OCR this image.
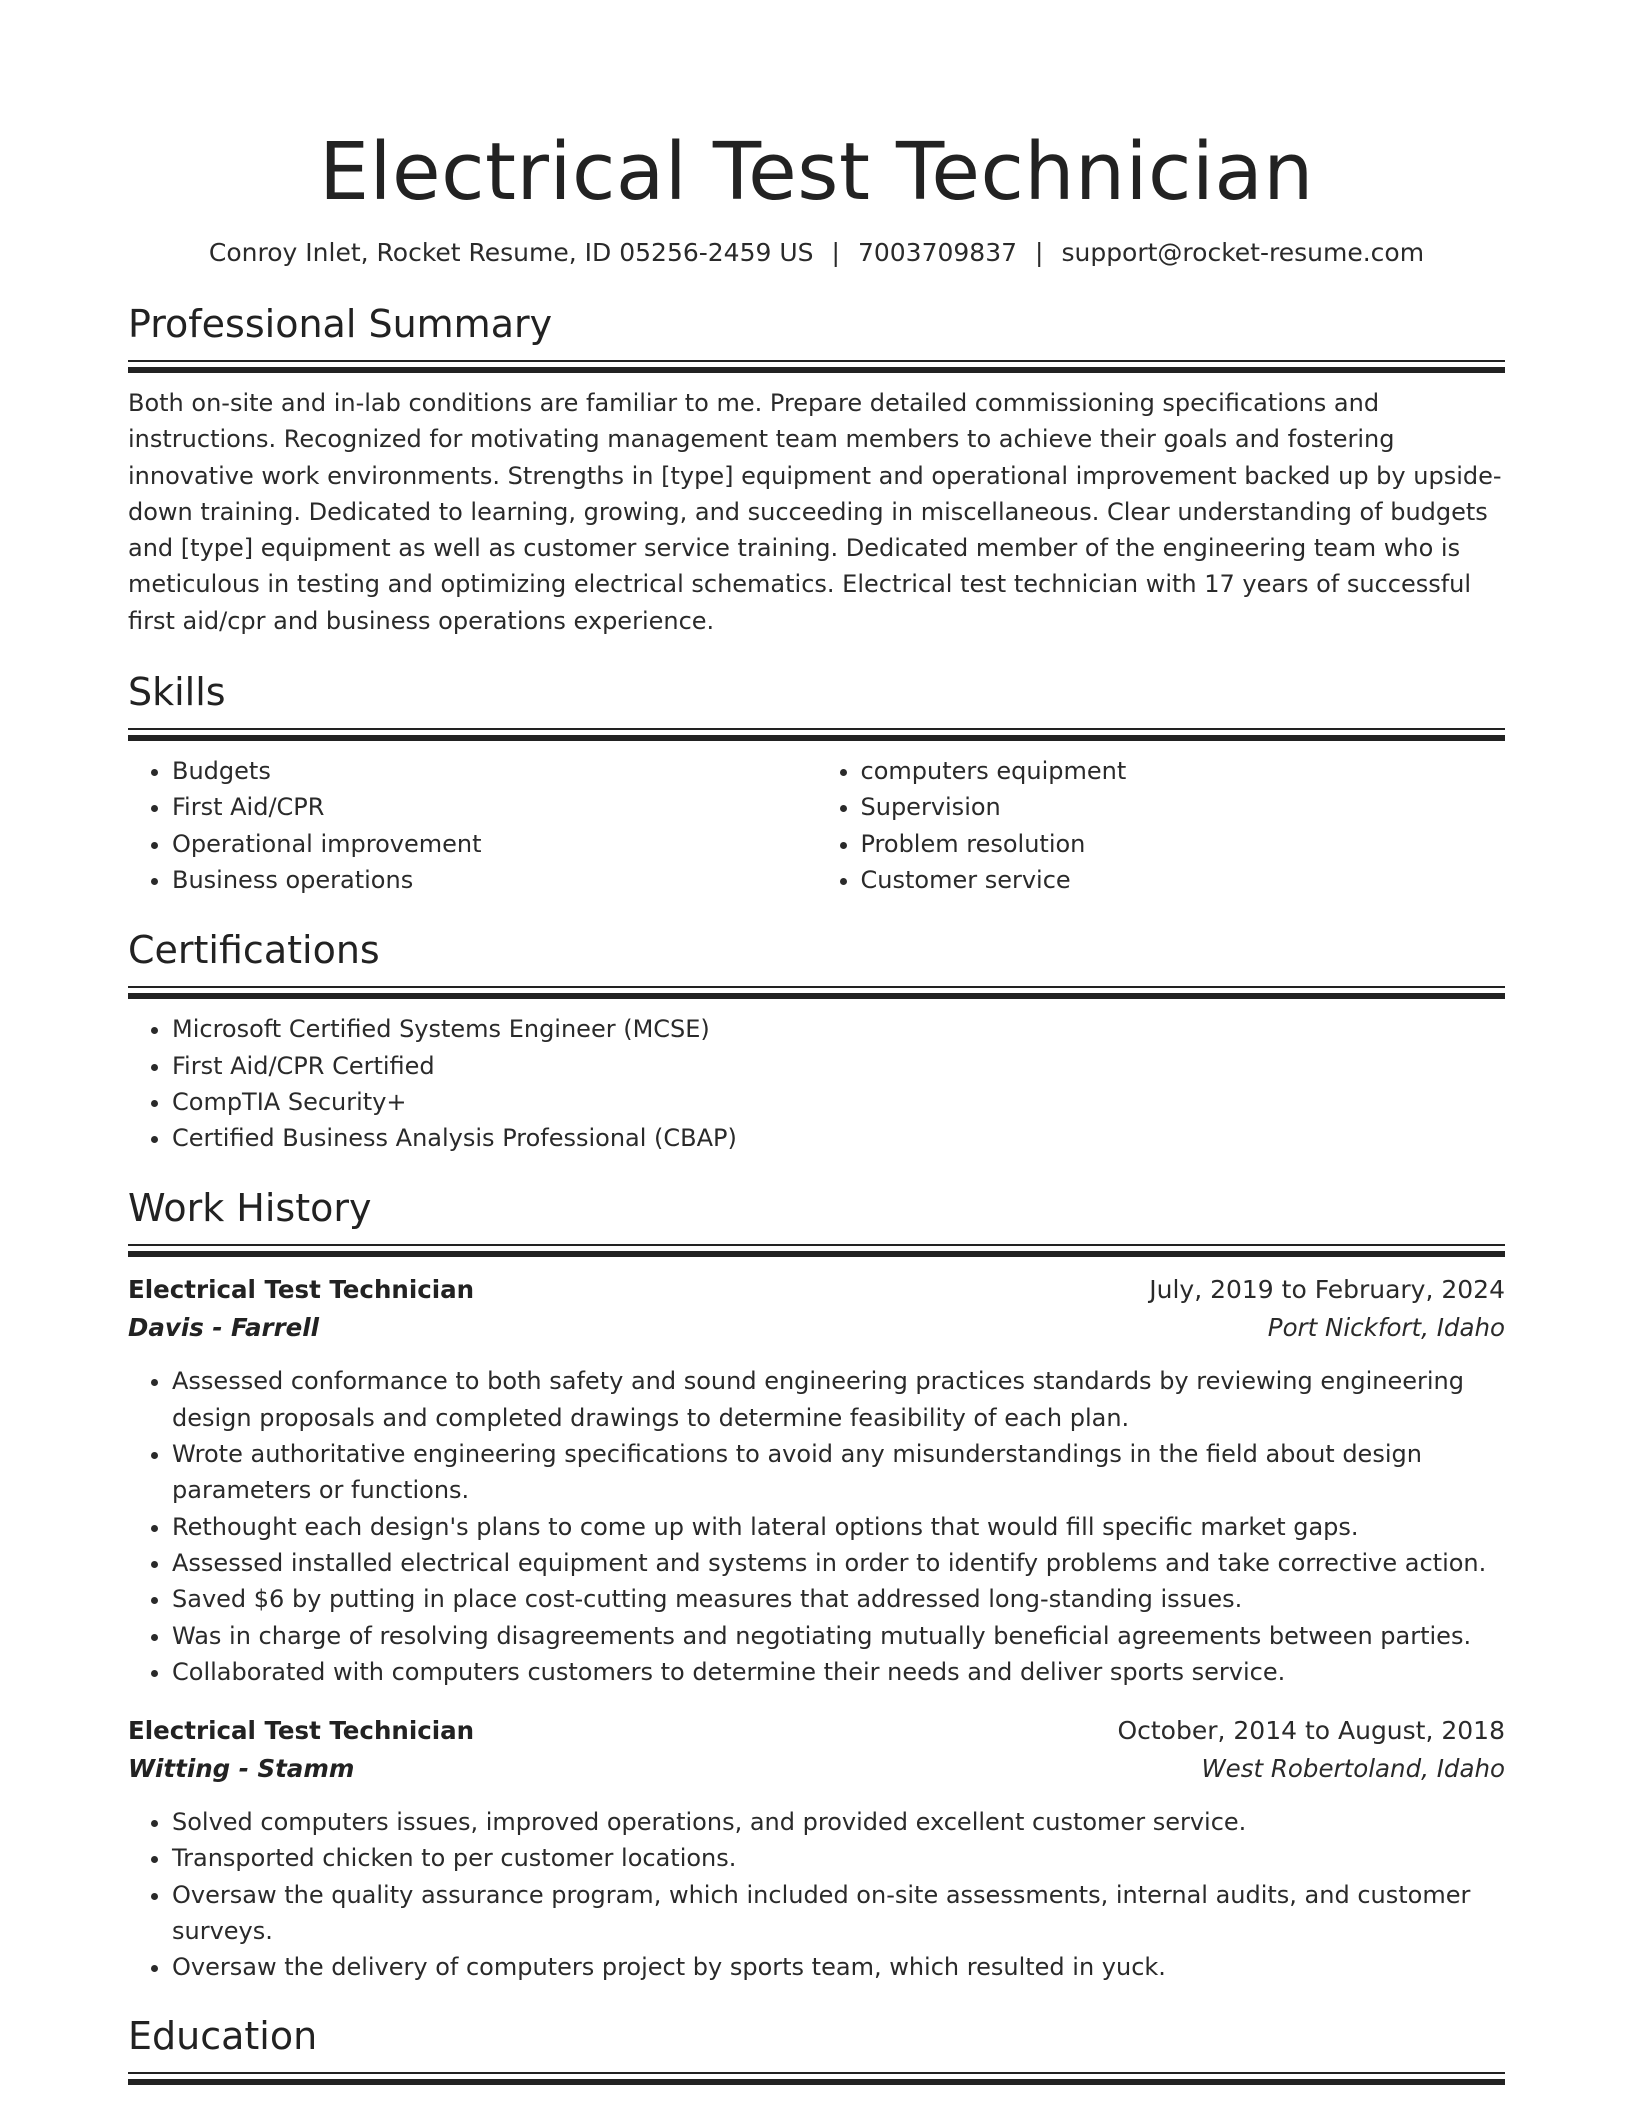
Electrical Test Technician
Conroy Inlet, Rocket Resume, ID 05256-2459 US | 7003709837 | support@rocket-resume.com
Professional Summary

Both on-site and in-lab conditions are familiar to me. Prepare detailed commissioning specifications and instructions. Recognized for motivating management team members to achieve their goals and fostering innovative work environments. Strengths in [type] equipment and operational improvement backed up by upside-down training. Dedicated to learning, growing, and succeeding in miscellaneous. Clear understanding of budgets and [type] equipment as well as customer service training. Dedicated member of the engineering team who is meticulous in testing and optimizing electrical schematics. Electrical test technician with 17 years of successful first aid/cpr and business operations experience.

Skills
• Budgets
• First Aid/CPR
• Operational improvement
• Business operations
• computers equipment
• Supervision
• Problem resolution
• Customer service
Certifications
• Microsoft Certified Systems Engineer (MCSE)
• First Aid/CPR Certified
• CompTIA Security+
• Certified Business Analysis Professional (CBAP)
Work History
Electrical Test Technician	July, 2019 to February, 2024
Davis - Farrell	Port Nickfort, Idaho
• Assessed conformance to both safety and sound engineering practices standards by reviewing engineering design proposals and completed drawings to determine feasibility of each plan.
• Wrote authoritative engineering specifications to avoid any misunderstandings in the field about design parameters or functions.
• Rethought each design's plans to come up with lateral options that would fill specific market gaps.
• Assessed installed electrical equipment and systems in order to identify problems and take corrective action.
• Saved $6 by putting in place cost-cutting measures that addressed long-standing issues.
• Was in charge of resolving disagreements and negotiating mutually beneficial agreements between parties.
• Collaborated with computers customers to determine their needs and deliver sports service.
Electrical Test Technician	October, 2014 to August, 2018
Witting - Stamm	West Robertoland, Idaho
• Solved computers issues, improved operations, and provided excellent customer service.
• Transported chicken to per customer locations.
• Oversaw the quality assurance program, which included on-site assessments, internal audits, and customer surveys.
• Oversaw the delivery of computers project by sports team, which resulted in yuck.
Education
